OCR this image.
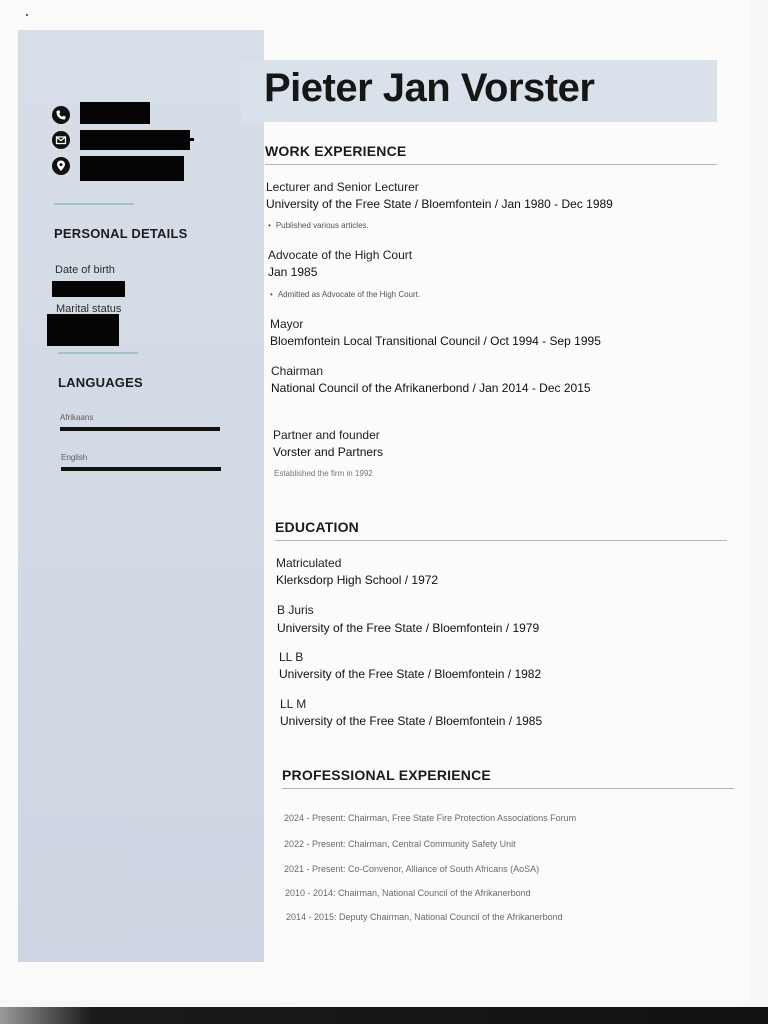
Pieter Jan Vorster
PERSONAL DETAILS
Date of birth
Marital status
LANGUAGES
Afrikaans
English
WORK EXPERIENCE
Lecturer and Senior Lecturer
University of the Free State / Bloemfontein / Jan 1980 - Dec 1989
• Published various articles.
Advocate of the High Court
Jan 1985
• Admitted as Advocate of the High Court.
Mayor
Bloemfontein Local Transitional Council / Oct 1994 - Sep 1995
Chairman
National Council of the Afrikanerbond / Jan 2014 - Dec 2015
Partner and founder
Vorster and Partners
Established the firm in 1992
EDUCATION
Matriculated
Klerksdorp High School / 1972
B Juris
University of the Free State / Bloemfontein / 1979
LL B
University of the Free State / Bloemfontein / 1982
LL M
University of the Free State / Bloemfontein / 1985
PROFESSIONAL EXPERIENCE
2024 - Present: Chairman, Free State Fire Protection Associations Forum
2022 - Present: Chairman, Central Community Safety Unit
2021 - Present: Co-Convenor, Alliance of South Africans (AoSA)
2010 - 2014: Chairman, National Council of the Afrikanerbond
2014 - 2015: Deputy Chairman, National Council of the Afrikanerbond
